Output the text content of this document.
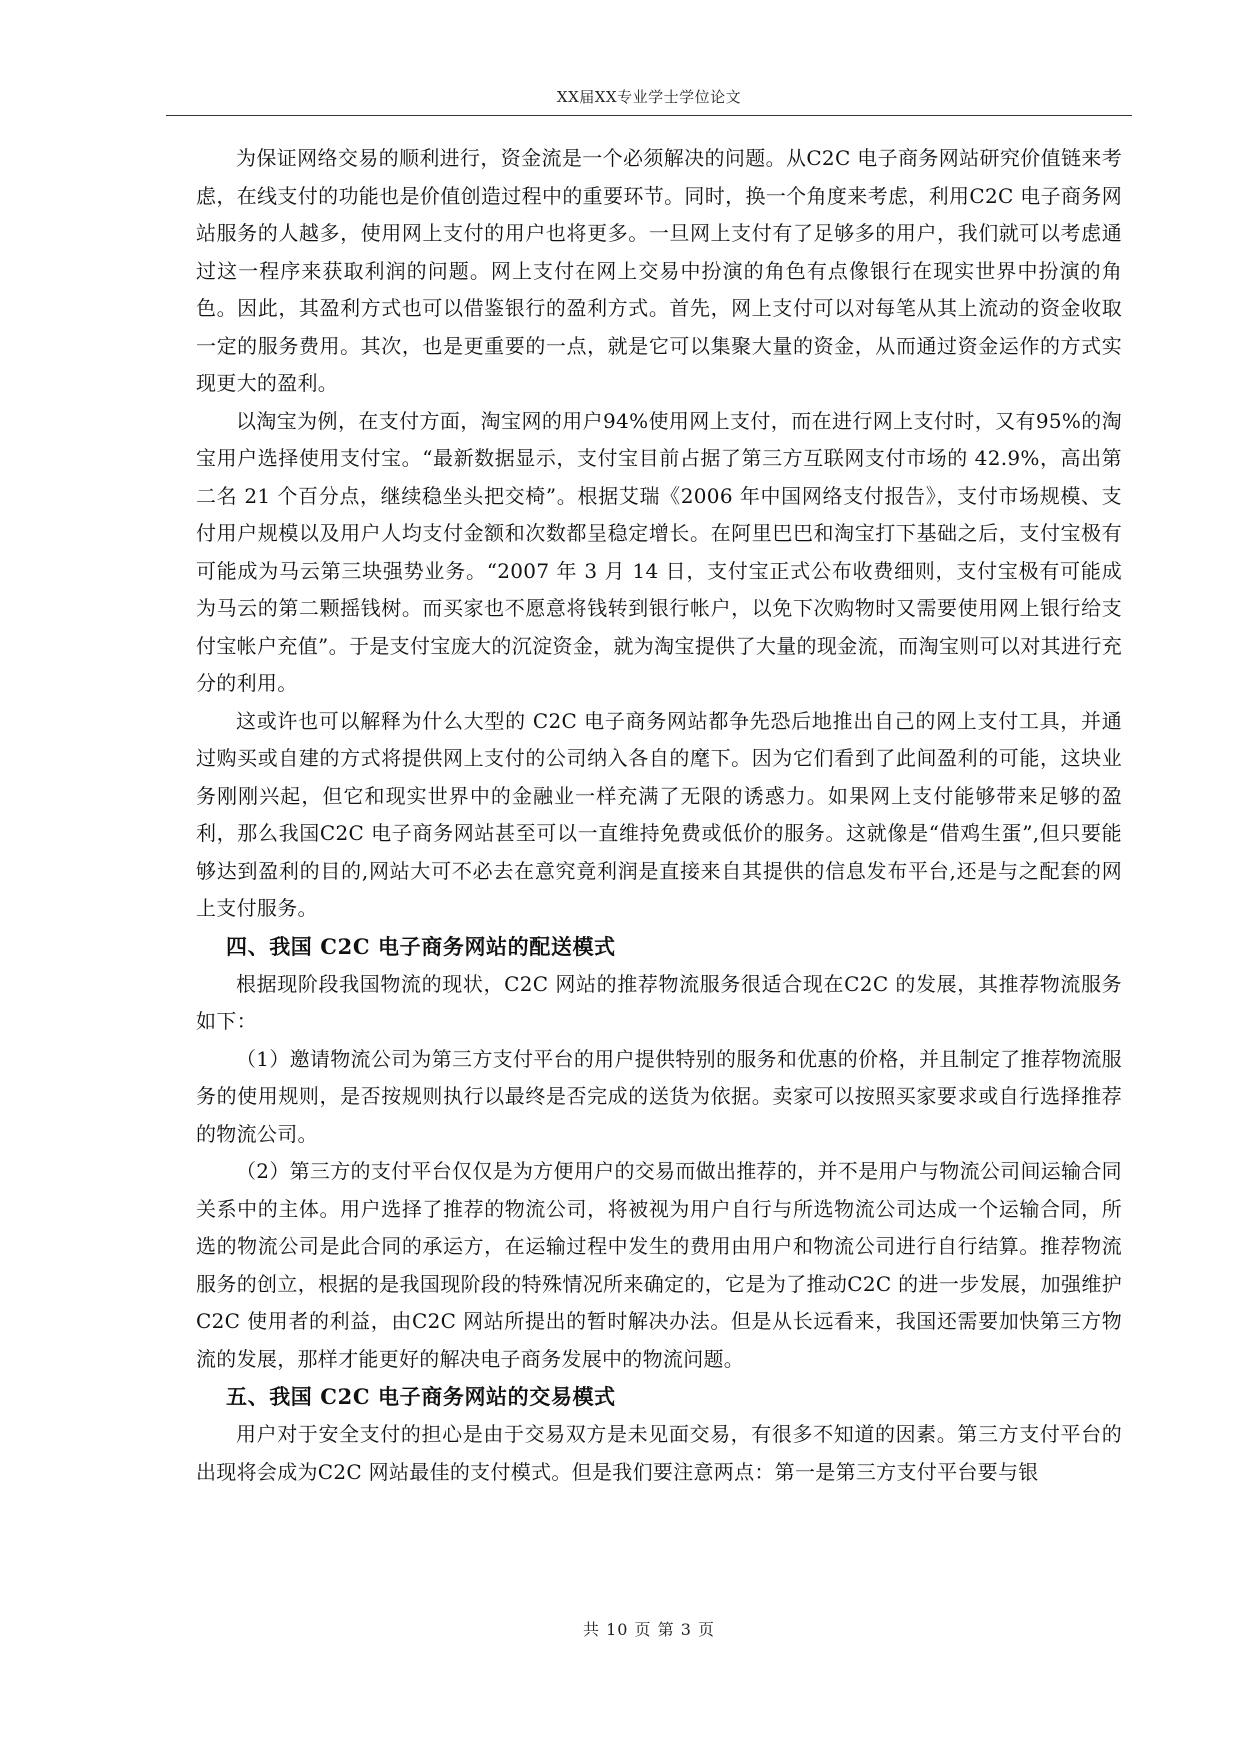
XX届XX专业学士学位论文

为保证网络交易的顺利进行，资金流是一个必须解决的问题。从C2C 电子商务网站研究价值链来考虑，在线支付的功能也是价值创造过程中的重要环节。同时，换一个角度来考虑，利用C2C 电子商务网站服务的人越多，使用网上支付的用户也将更多。一旦网上支付有了足够多的用户，我们就可以考虑通过这一程序来获取利润的问题。网上支付在网上交易中扮演的角色有点像银行在现实世界中扮演的角色。因此，其盈利方式也可以借鉴银行的盈利方式。首先，网上支付可以对每笔从其上流动的资金收取一定的服务费用。其次，也是更重要的一点，就是它可以集聚大量的资金，从而通过资金运作的方式实现更大的盈利。

以淘宝为例，在支付方面，淘宝网的用户94%使用网上支付，而在进行网上支付时，又有95%的淘宝用户选择使用支付宝。“最新数据显示，支付宝目前占据了第三方互联网支付市场的 42.9%，高出第二名 21 个百分点，继续稳坐头把交椅”。根据艾瑞《2006 年中国网络支付报告》，支付市场规模、支付用户规模以及用户人均支付金额和次数都呈稳定增长。在阿里巴巴和淘宝打下基础之后，支付宝极有可能成为马云第三块强势业务。“2007 年 3 月 14 日，支付宝正式公布收费细则，支付宝极有可能成为马云的第二颗摇钱树。而买家也不愿意将钱转到银行帐户，以免下次购物时又需要使用网上银行给支付宝帐户充值”。于是支付宝庞大的沉淀资金，就为淘宝提供了大量的现金流，而淘宝则可以对其进行充分的利用。

这或许也可以解释为什么大型的 C2C 电子商务网站都争先恐后地推出自己的网上支付工具，并通过购买或自建的方式将提供网上支付的公司纳入各自的麾下。因为它们看到了此间盈利的可能，这块业务刚刚兴起，但它和现实世界中的金融业一样充满了无限的诱惑力。如果网上支付能够带来足够的盈利，那么我国C2C 电子商务网站甚至可以一直维持免费或低价的服务。这就像是“借鸡生蛋”,但只要能够达到盈利的目的,网站大可不必去在意究竟利润是直接来自其提供的信息发布平台,还是与之配套的网上支付服务。

四、我国 C2C 电子商务网站的配送模式

根据现阶段我国物流的现状，C2C 网站的推荐物流服务很适合现在C2C 的发展，其推荐物流服务如下：

（1）邀请物流公司为第三方支付平台的用户提供特别的服务和优惠的价格，并且制定了推荐物流服务的使用规则，是否按规则执行以最终是否完成的送货为依据。卖家可以按照买家要求或自行选择推荐的物流公司。

（2）第三方的支付平台仅仅是为方便用户的交易而做出推荐的，并不是用户与物流公司间运输合同关系中的主体。用户选择了推荐的物流公司，将被视为用户自行与所选物流公司达成一个运输合同，所选的物流公司是此合同的承运方，在运输过程中发生的费用由用户和物流公司进行自行结算。推荐物流服务的创立，根据的是我国现阶段的特殊情况所来确定的，它是为了推动C2C 的进一步发展，加强维护C2C 使用者的利益，由C2C 网站所提出的暂时解决办法。但是从长远看来，我国还需要加快第三方物流的发展，那样才能更好的解决电子商务发展中的物流问题。

五、我国 C2C 电子商务网站的交易模式

用户对于安全支付的担心是由于交易双方是未见面交易，有很多不知道的因素。第三方支付平台的出现将会成为C2C 网站最佳的支付模式。但是我们要注意两点：第一是第三方支付平台要与银

共 10 页 第 3 页
